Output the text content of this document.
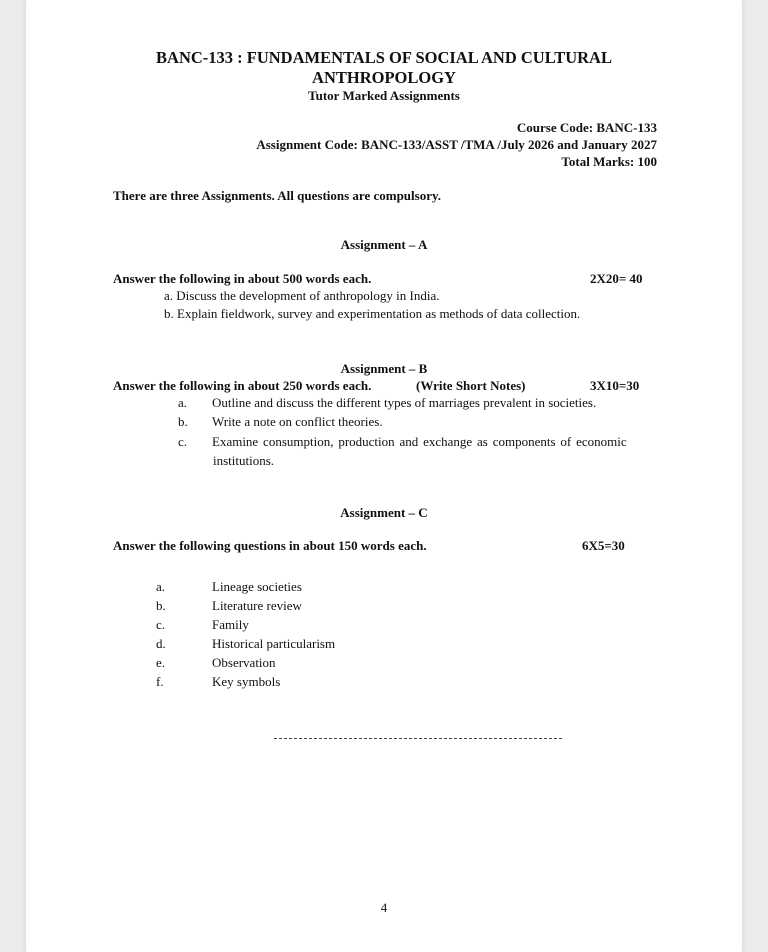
BANC-133 : FUNDAMENTALS OF SOCIAL AND CULTURAL
ANTHROPOLOGY
Tutor Marked Assignments
Course Code: BANC-133
Assignment Code: BANC-133/ASST /TMA /July 2026 and January 2027
Total Marks: 100
There are three Assignments. All questions are compulsory.
Assignment – A
Answer the following in about 500 words each.	2X20= 40
a. Discuss the development of anthropology in India.
b. Explain fieldwork, survey and experimentation as methods of data collection.
Assignment – B
Answer the following in about 250 words each.	(Write Short Notes)	3X10=30
a. Outline and discuss the different types of marriages prevalent in societies.
b. Write a note on conflict theories.
c. Examine consumption, production and exchange as components of economic
institutions.
Assignment – C
Answer the following questions in about 150 words each.	6X5=30
a.	Lineage societies
b.	Literature review
c.	Family
d.	Historical particularism
e.	Observation
f.	Key symbols
4
